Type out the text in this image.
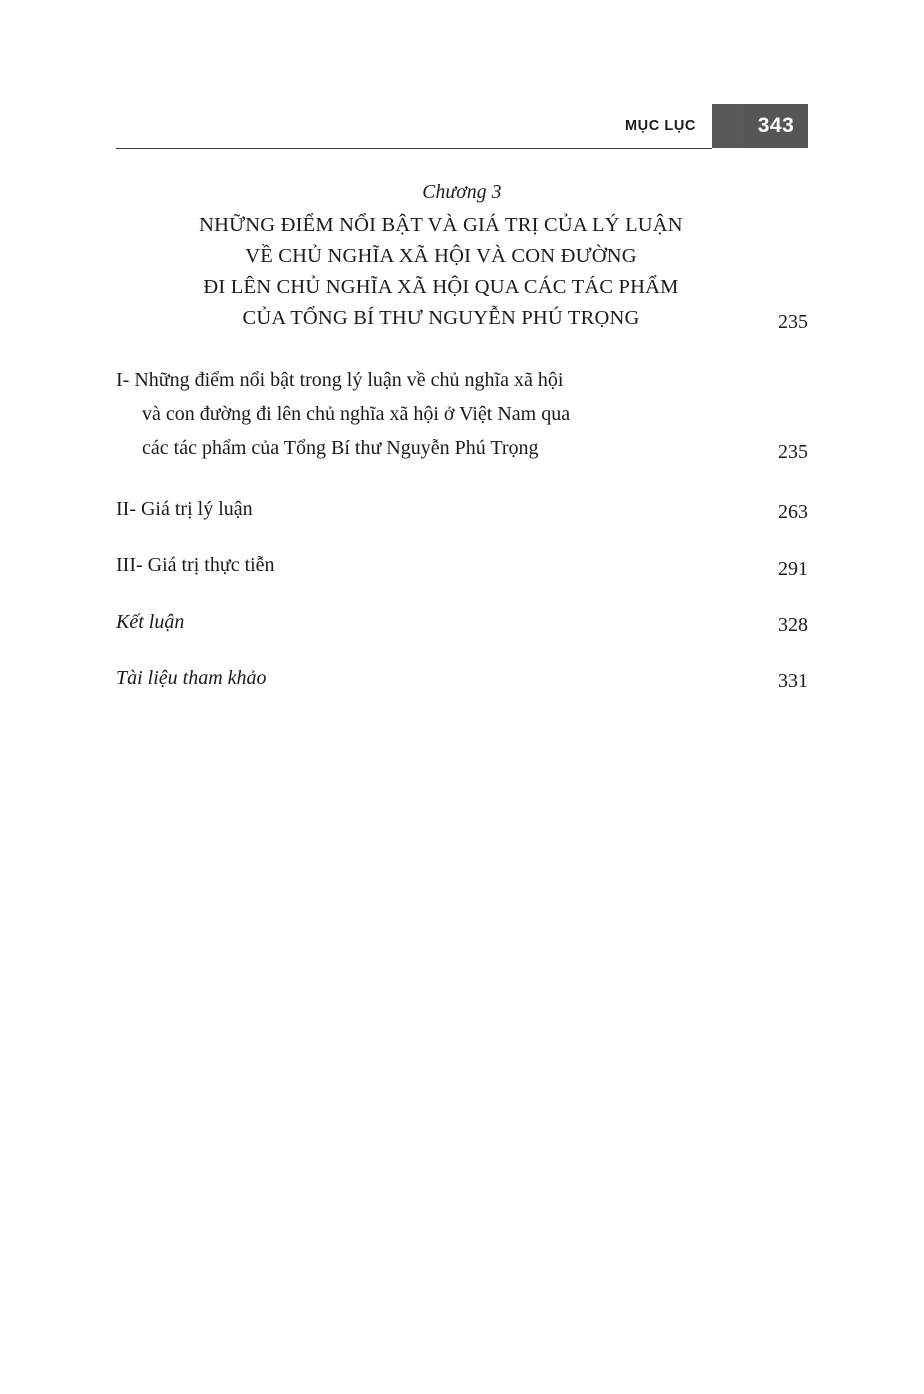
MỤC LỤC	343
Chương 3
NHỮNG ĐIỂM NỔI BẬT VÀ GIÁ TRỊ CỦA LÝ LUẬN
VỀ CHỦ NGHĨA XÃ HỘI VÀ CON ĐƯỜNG
ĐI LÊN CHỦ NGHĨA XÃ HỘI QUA CÁC TÁC PHẨM
CỦA TỔNG BÍ THƯ NGUYỄN PHÚ TRỌNG	235
I- Những điểm nổi bật trong lý luận về chủ nghĩa xã hội
và con đường đi lên chủ nghĩa xã hội ở Việt Nam qua
các tác phẩm của Tổng Bí thư Nguyễn Phú Trọng	235
II- Giá trị lý luận	263
III- Giá trị thực tiễn	291
Kết luận	328
Tài liệu tham khảo	331
